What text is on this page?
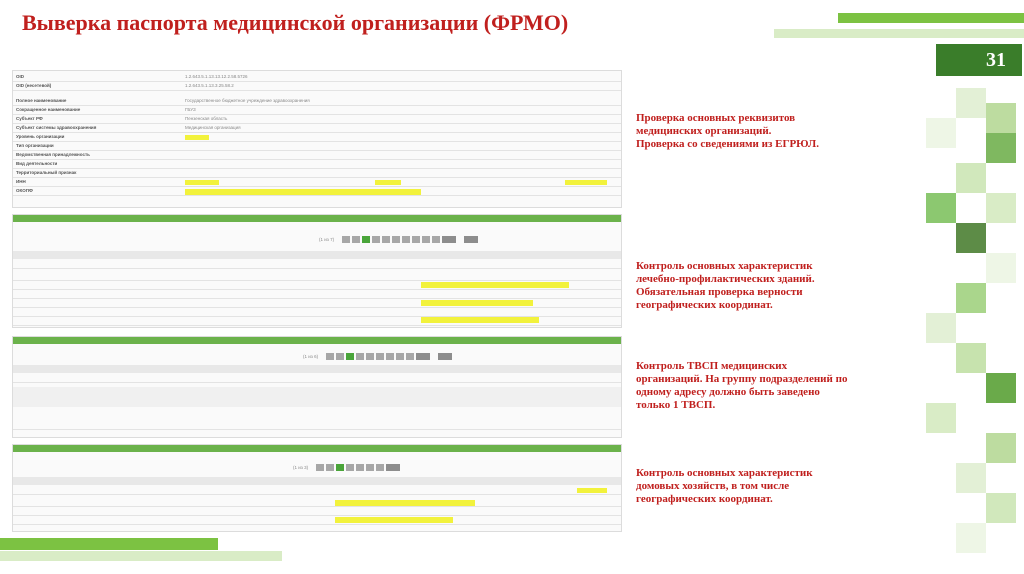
Выверка паспорта медицинской организации (ФРМО)
31
OID	1.2.643.5.1.13.13.12.2.58.5726
OID (несетевой)	1.2.643.5.1.13.3.25.58.2
Полное наименование	Государственное бюджетное учреждение здравоохранения
Сокращенное наименование	ГБУЗ
Субъект РФ	Пензенская область
Субъект системы здравоохранения	Медицинская организация
Уровень организации
Тип организации
Ведомственная принадлежность
Вид деятельности
Территориальный признак
ИНН
ОКОПФ
(1 из 7)
(1 из 6)
(1 из 3)
Проверка основных реквизитов
медицинских организаций.
Проверка со сведениями из ЕГРЮЛ.
Контроль основных характеристик
лечебно-профилактических зданий.
Обязательная проверка верности
географических координат.
Контроль ТВСП медицинских
организаций. На группу подразделений по
одному адресу должно быть заведено
только 1 ТВСП.
Контроль основных характеристик
домовых хозяйств, в том числе
географических координат.
